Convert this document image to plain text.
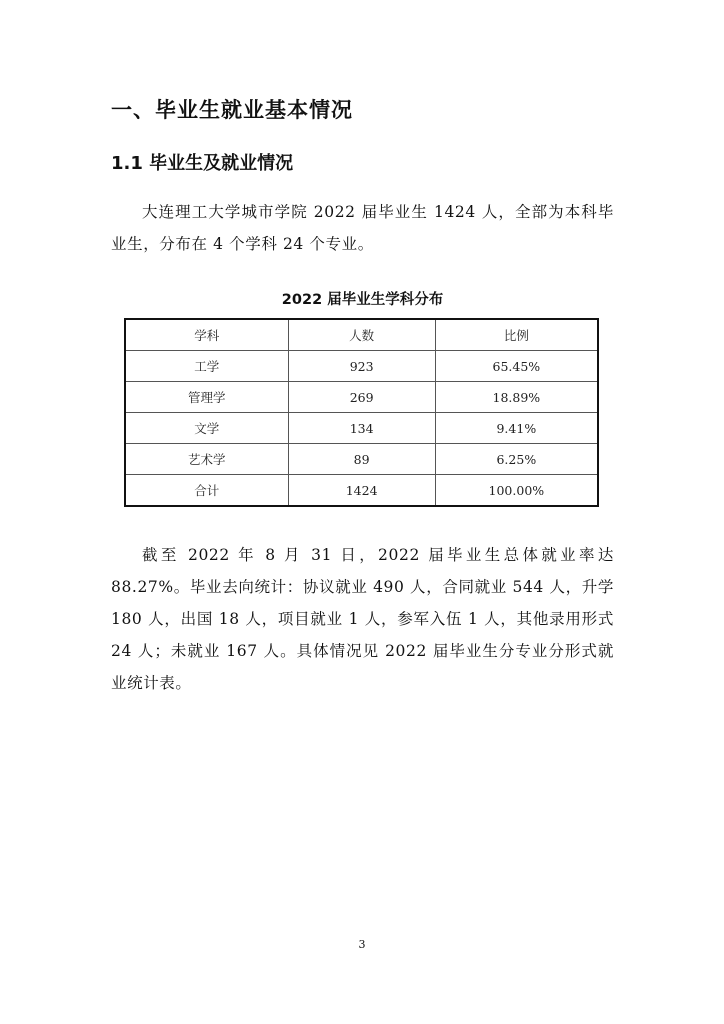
一、毕业生就业基本情况
1.1 毕业生及就业情况

大连理工大学城市学院 2022 届毕业生 1424 人，全部为本科毕业生，分布在 4 个学科 24 个专业。

2022 届毕业生学科分布

学科	人数	比例
工学	923	65.45%
管理学	269	18.89%
文学	134	9.41%
艺术学	89	6.25%
合计	1424	100.00%

截至 2022 年 8 月 31 日，2022 届毕业生总体就业率达 88.27%。毕业去向统计：协议就业 490 人，合同就业 544 人，升学 180 人，出国 18 人，项目就业 1 人，参军入伍 1 人，其他录用形式 24 人；未就业 167 人。具体情况见 2022 届毕业生分专业分形式就业统计表。

3
